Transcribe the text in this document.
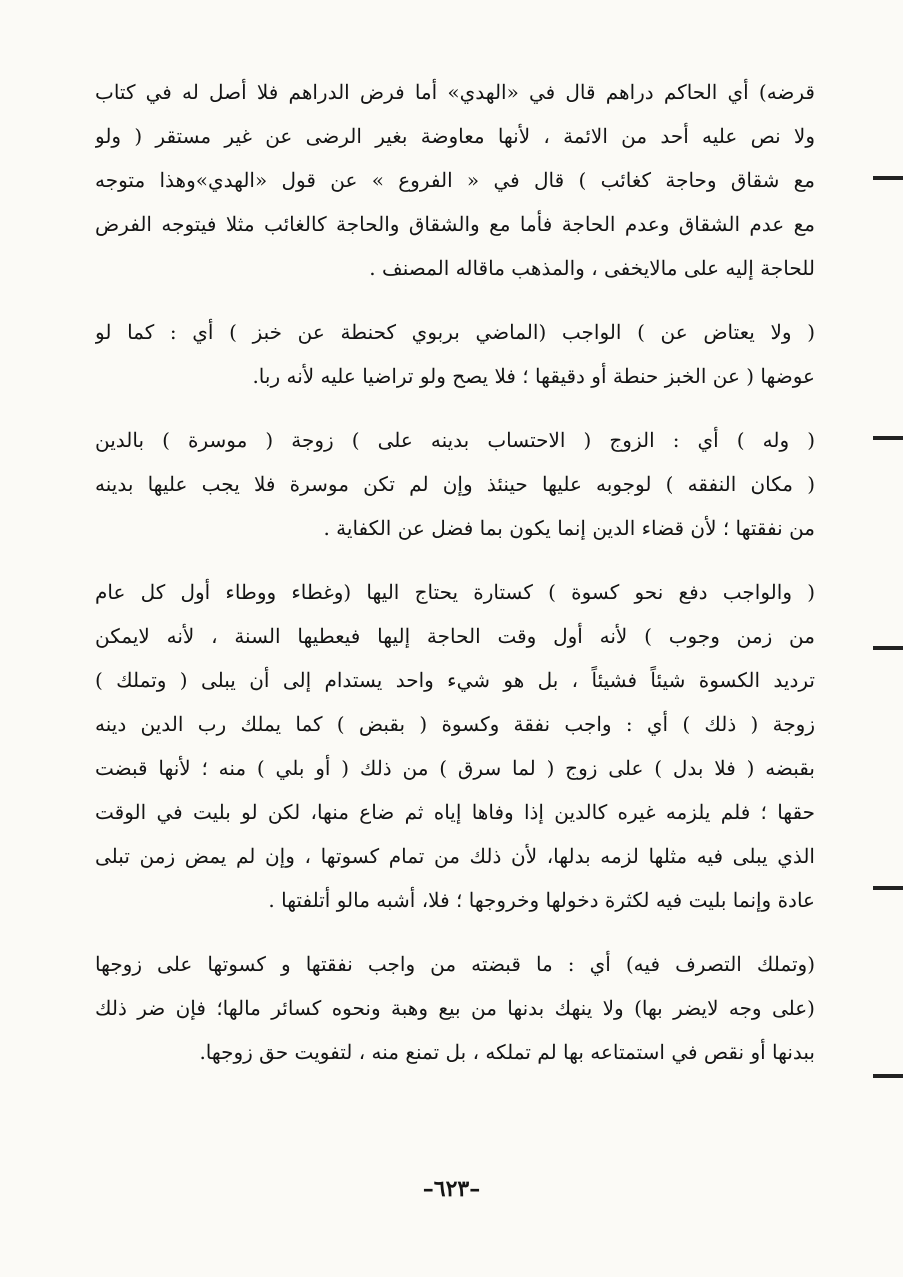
قرضه) أي الحاكم دراهم قال في «الهدي» أما فرض الدراهم فلا أصل له في كتاب
ولا نص عليه أحد من الائمة ، لأنها معاوضة بغير الرضى عن غير مستقر ( ولو
مع شقاق وحاجة كغائب ) قال في « الفروع » عن قول «الهدي»وهذا متوجه
مع عدم الشقاق وعدم الحاجة فأما مع والشقاق والحاجة كالغائب مثلا فيتوجه الفرض
للحاجة إليه على مالايخفى ، والمذهب ماقاله المصنف .
( ولا يعتاض عن ) الواجب (الماضي بربوي كحنطة عن خبز ) أي : كما لو
عوضها ( عن الخبز حنطة أو دقيقها ؛ فلا يصح ولو تراضيا عليه لأنه ربا.
( وله ) أي : الزوج ( الاحتساب بدينه على ) زوجة ( موسرة ) بالدين
( مكان النفقه ) لوجوبه عليها حينئذ وإن لم تكن موسرة فلا يجب عليها بدينه
من نفقتها ؛ لأن قضاء الدين إنما يكون بما فضل عن الكفاية .
( والواجب دفع نحو كسوة ) كستارة يحتاج اليها (وغطاء ووطاء أول كل عام
من زمن وجوب ) لأنه أول وقت الحاجة إليها فيعطيها السنة ، لأنه لايمكن
ترديد الكسوة شيئاً فشيئاً ، بل هو شيء واحد يستدام إلى أن يبلى ( وتملك )
زوجة ( ذلك ) أي : واجب نفقة وكسوة ( بقبض ) كما يملك رب الدين دينه
بقبضه ( فلا بدل ) على زوج ( لما سرق ) من ذلك ( أو بلي ) منه ؛ لأنها قبضت
حقها ؛ فلم يلزمه غيره كالدين إذا وفاها إياه ثم ضاع منها، لكن لو بليت في الوقت
الذي يبلى فيه مثلها لزمه بدلها، لأن ذلك من تمام كسوتها ، وإن لم يمض زمن تبلى
عادة وإنما بليت فيه لكثرة دخولها وخروجها ؛ فلا، أشبه مالو أتلفتها .
(وتملك التصرف فيه) أي : ما قبضته من واجب نفقتها و كسوتها على زوجها
(على وجه لايضر بها) ولا ينهك بدنها من بيع وهبة ونحوه كسائر مالها؛ فإن ضر ذلك
ببدنها أو نقص في استمتاعه بها لم تملكه ، بل تمنع منه ، لتفويت حق زوجها.
–٦٢٣–
